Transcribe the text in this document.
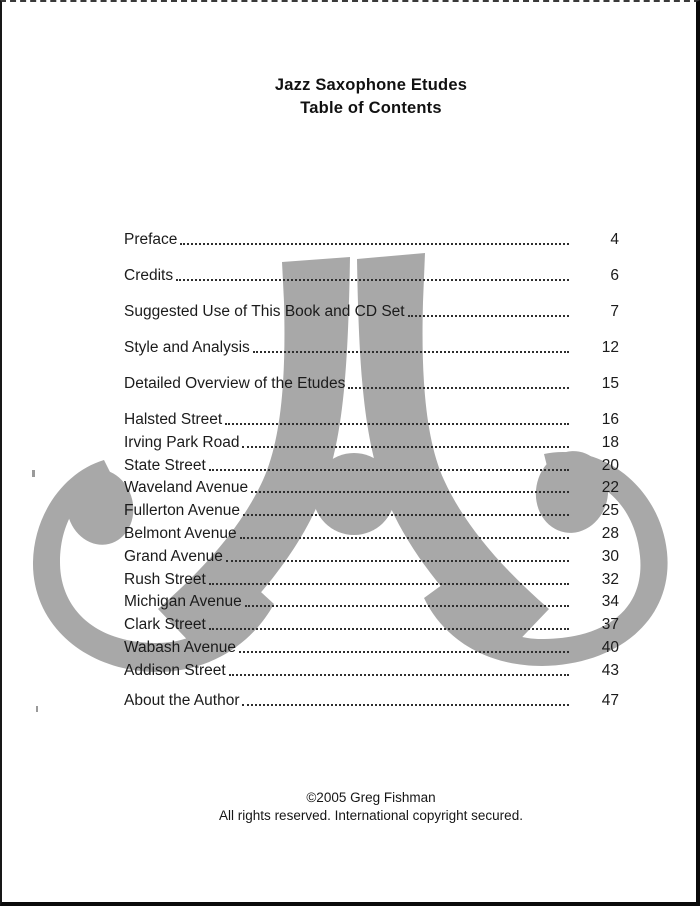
Jazz Saxophone Etudes
Table of Contents
Preface	4
Credits	6
Suggested Use of This Book and CD Set	7
Style and Analysis	12
Detailed Overview of the Etudes	15
Halsted Street	16
Irving Park Road	18
State Street	20
Waveland Avenue	22
Fullerton Avenue	25
Belmont Avenue	28
Grand Avenue	30
Rush Street	32
Michigan Avenue	34
Clark Street	37
Wabash Avenue	40
Addison Street	43
About the Author	47
©2005 Greg Fishman
All rights reserved. International copyright secured.
